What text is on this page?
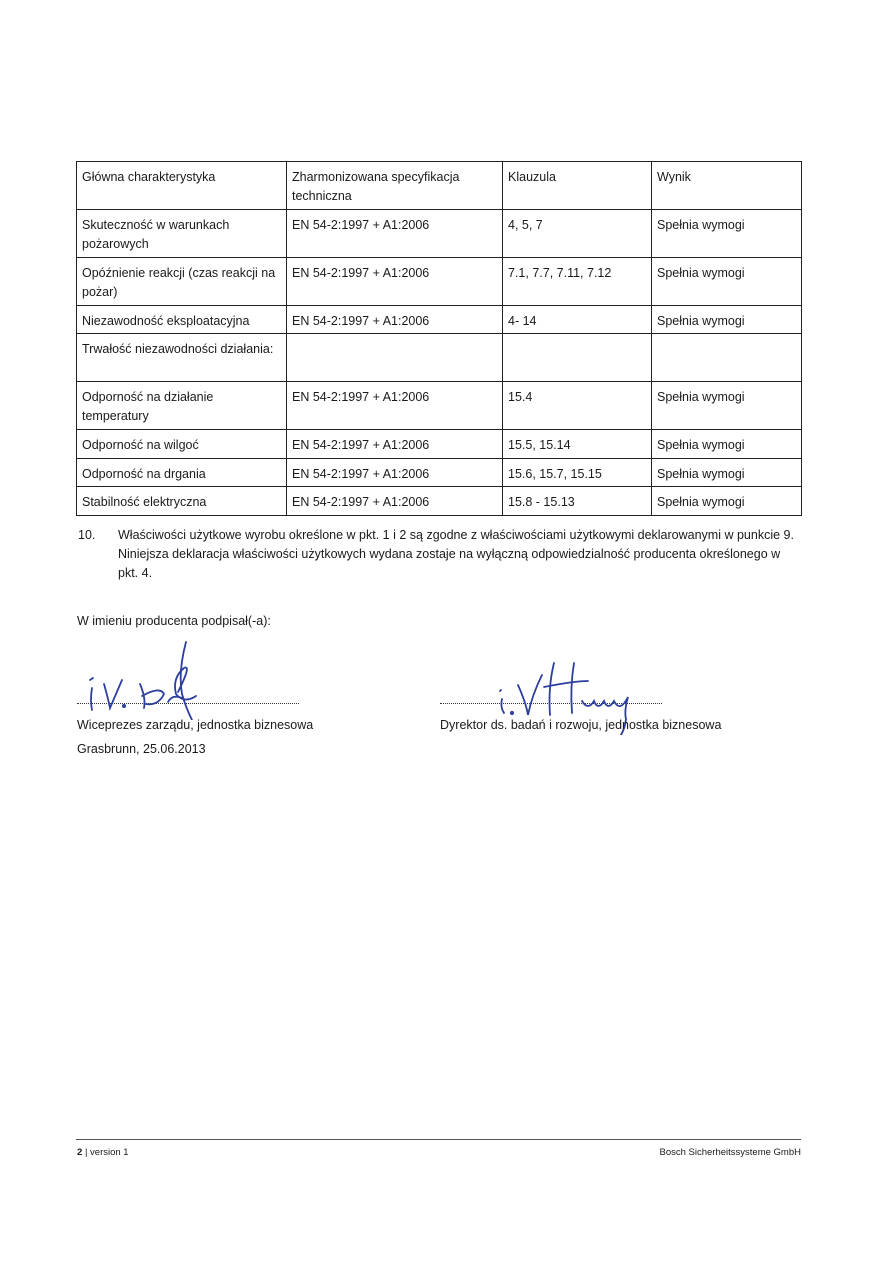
Główna charakterystyka	Zharmonizowana specyfikacja techniczna	Klauzula	Wynik
Skuteczność w warunkach pożarowych	EN 54-2:1997 + A1:2006	4, 5, 7	Spełnia wymogi
Opóźnienie reakcji (czas reakcji na pożar)	EN 54-2:1997 + A1:2006	7.1, 7.7, 7.11, 7.12	Spełnia wymogi
Niezawodność eksploatacyjna	EN 54-2:1997 + A1:2006	4- 14	Spełnia wymogi
Trwałość niezawodności działania:			
Odporność na działanie temperatury	EN 54-2:1997 + A1:2006	15.4	Spełnia wymogi
Odporność na wilgoć	EN 54-2:1997 + A1:2006	15.5, 15.14	Spełnia wymogi
Odporność na drgania	EN 54-2:1997 + A1:2006	15.6, 15.7, 15.15	Spełnia wymogi
Stabilność elektryczna	EN 54-2:1997 + A1:2006	15.8 - 15.13	Spełnia wymogi
10. Właściwości użytkowe wyrobu określone w pkt. 1 i 2 są zgodne z właściwościami użytkowymi deklarowanymi w punkcie 9.
Niniejsza deklaracja właściwości użytkowych wydana zostaje na wyłączną odpowiedzialność producenta określonego w pkt. 4.
W imieniu producenta podpisał(-a):
Wiceprezes zarządu, jednostka biznesowa	Dyrektor ds. badań i rozwoju, jednostka biznesowa
Grasbrunn, 25.06.2013
2 | version 1	Bosch Sicherheitssysteme GmbH
